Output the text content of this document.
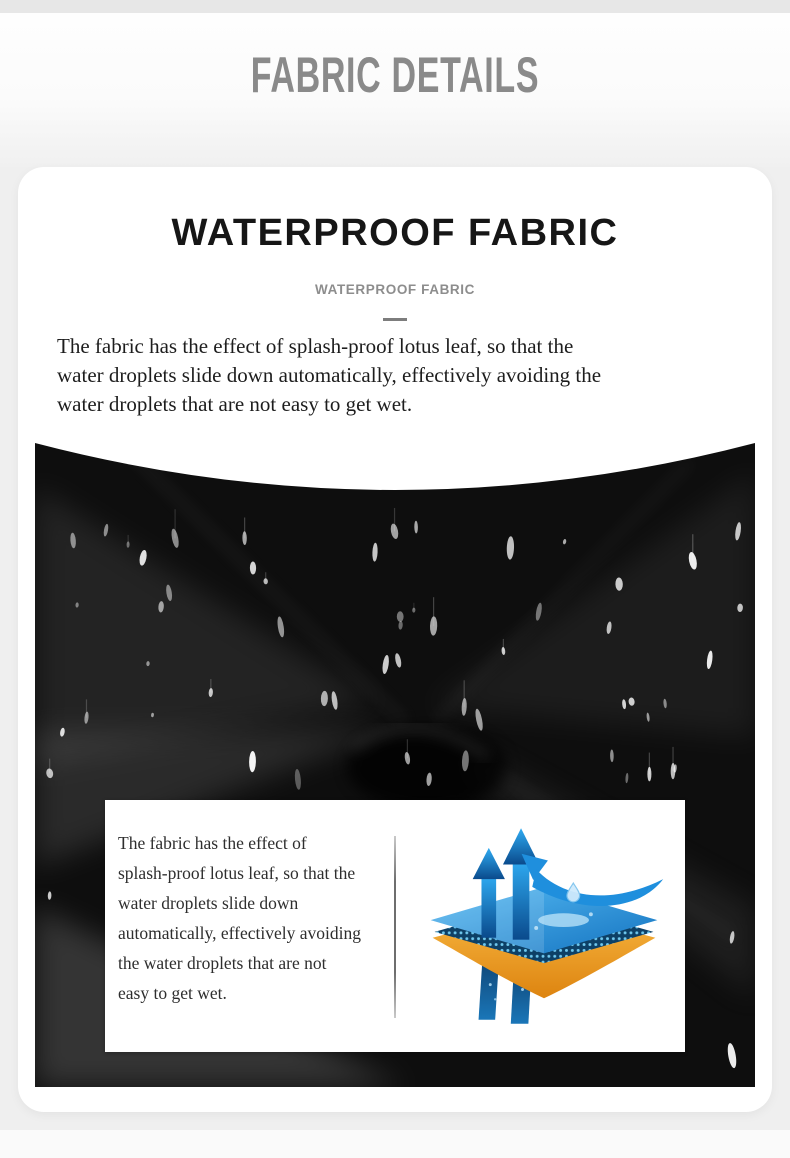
FABRIC DETAILS
WATERPROOF FABRIC
WATERPROOF FABRIC

The fabric has the effect of splash-proof lotus leaf, so that the
water droplets slide down automatically, effectively avoiding the
water droplets that are not easy to get wet.

The fabric has the effect of
splash-proof lotus leaf, so that the
water droplets slide down
automatically, effectively avoiding
the water droplets that are not
easy to get wet.
